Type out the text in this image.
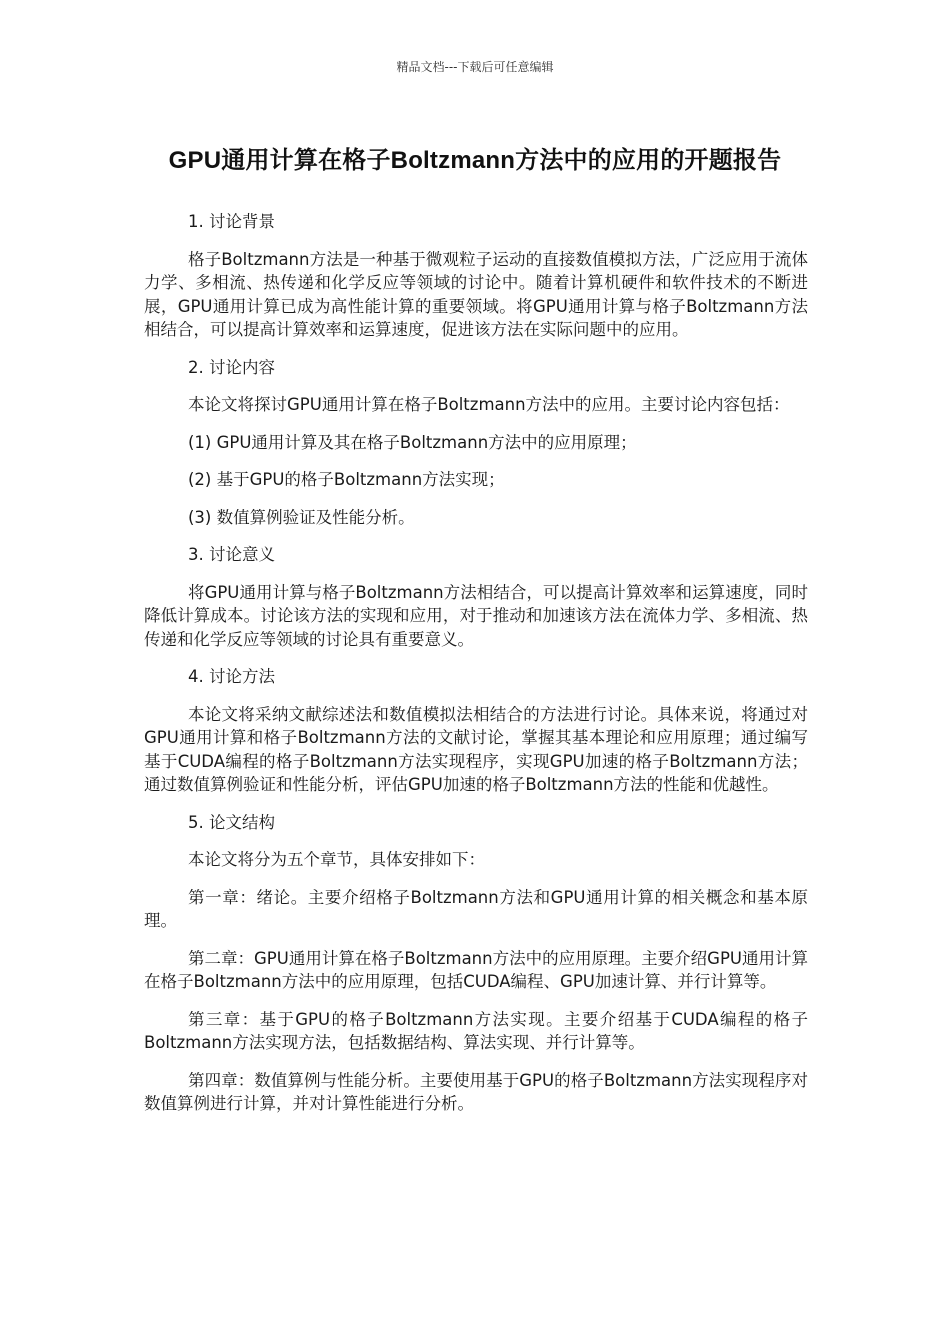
精品文档---下载后可任意编辑
GPU通用计算在格子Boltzmann方法中的应用的开题报告

1. 讨论背景

格子Boltzmann方法是一种基于微观粒子运动的直接数值模拟方法，广泛应用于流体力学、多相流、热传递和化学反应等领域的讨论中。随着计算机硬件和软件技术的不断进展，GPU通用计算已成为高性能计算的重要领域。将GPU通用计算与格子Boltzmann方法相结合，可以提高计算效率和运算速度，促进该方法在实际问题中的应用。

2. 讨论内容

本论文将探讨GPU通用计算在格子Boltzmann方法中的应用。主要讨论内容包括：

(1) GPU通用计算及其在格子Boltzmann方法中的应用原理；

(2) 基于GPU的格子Boltzmann方法实现；

(3) 数值算例验证及性能分析。

3. 讨论意义

将GPU通用计算与格子Boltzmann方法相结合，可以提高计算效率和运算速度，同时降低计算成本。讨论该方法的实现和应用，对于推动和加速该方法在流体力学、多相流、热传递和化学反应等领域的讨论具有重要意义。

4. 讨论方法

本论文将采纳文献综述法和数值模拟法相结合的方法进行讨论。具体来说，将通过对GPU通用计算和格子Boltzmann方法的文献讨论，掌握其基本理论和应用原理；通过编写基于CUDA编程的格子Boltzmann方法实现程序，实现GPU加速的格子Boltzmann方法；通过数值算例验证和性能分析，评估GPU加速的格子Boltzmann方法的性能和优越性。

5. 论文结构

本论文将分为五个章节，具体安排如下：

第一章：绪论。主要介绍格子Boltzmann方法和GPU通用计算的相关概念和基本原理。

第二章：GPU通用计算在格子Boltzmann方法中的应用原理。主要介绍GPU通用计算在格子Boltzmann方法中的应用原理，包括CUDA编程、GPU加速计算、并行计算等。

第三章：基于GPU的格子Boltzmann方法实现。主要介绍基于CUDA编程的格子Boltzmann方法实现方法，包括数据结构、算法实现、并行计算等。

第四章：数值算例与性能分析。主要使用基于GPU的格子Boltzmann方法实现程序对数值算例进行计算，并对计算性能进行分析。
